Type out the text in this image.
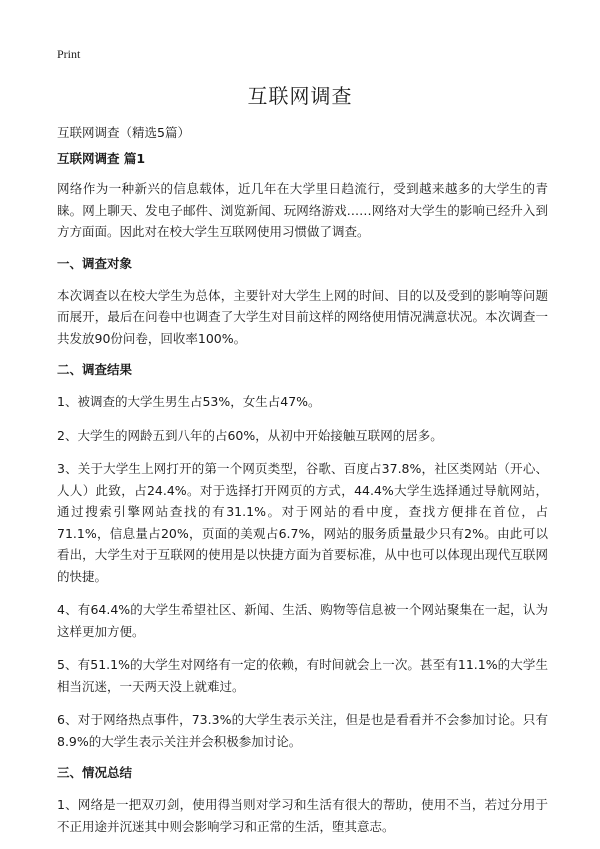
Print
互联网调查
互联网调查（精选5篇）
互联网调查 篇1

网络作为一种新兴的信息载体，近几年在大学里日趋流行，受到越来越多的大学生的青睐。网上聊天、发电子邮件、浏览新闻、玩网络游戏……网络对大学生的影响已经升入到方方面面。因此对在校大学生互联网使用习惯做了调查。

一、调查对象

本次调查以在校大学生为总体，主要针对大学生上网的时间、目的以及受到的影响等问题而展开，最后在问卷中也调查了大学生对目前这样的网络使用情况满意状况。本次调查一共发放90份问卷，回收率100%。

二、调查结果

1、被调查的大学生男生占53%，女生占47%。

2、大学生的网龄五到八年的占60%，从初中开始接触互联网的居多。

3、关于大学生上网打开的第一个网页类型，谷歌、百度占37.8%，社区类网站（开心、人人）此致，占24.4%。对于选择打开网页的方式，44.4%大学生选择通过导航网站，通过搜索引擎网站查找的有31.1%。对于网站的看中度，查找方便排在首位，占71.1%，信息量占20%，页面的美观占6.7%，网站的服务质量最少只有2%。由此可以看出，大学生对于互联网的使用是以快捷方面为首要标准，从中也可以体现出现代互联网的快捷。

4、有64.4%的大学生希望社区、新闻、生活、购物等信息被一个网站聚集在一起，认为这样更加方便。

5、有51.1%的大学生对网络有一定的依赖，有时间就会上一次。甚至有11.1%的大学生相当沉迷，一天两天没上就难过。

6、对于网络热点事件，73.3%的大学生表示关注，但是也是看看并不会参加讨论。只有8.9%的大学生表示关注并会积极参加讨论。

三、情况总结

1、网络是一把双刃剑，使用得当则对学习和生活有很大的帮助，使用不当，若过分用于不正用途并沉迷其中则会影响学习和正常的生活，堕其意志。
